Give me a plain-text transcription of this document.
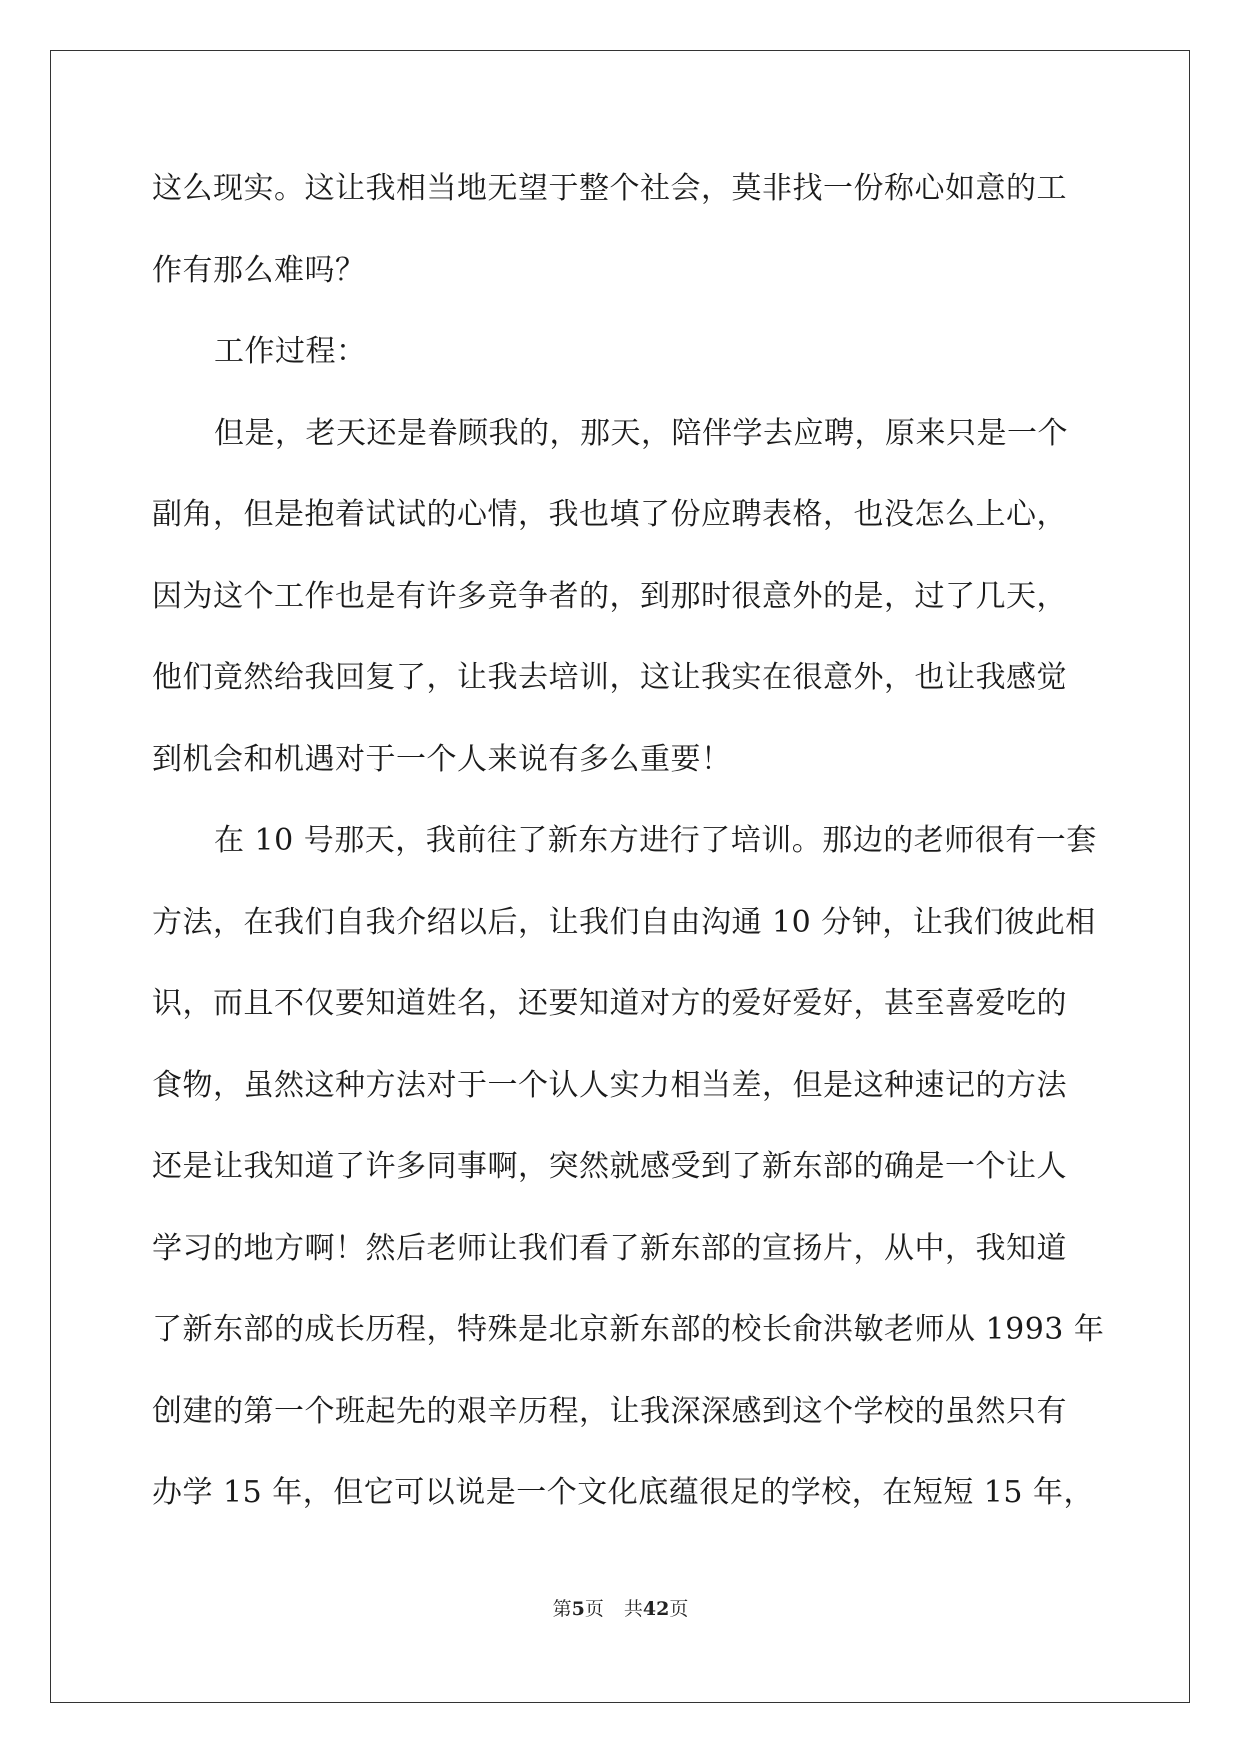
这么现实。这让我相当地无望于整个社会，莫非找一份称心如意的工
作有那么难吗？
工作过程：
但是，老天还是眷顾我的，那天，陪伴学去应聘，原来只是一个
副角，但是抱着试试的心情，我也填了份应聘表格，也没怎么上心，
因为这个工作也是有许多竞争者的，到那时很意外的是，过了几天，
他们竟然给我回复了，让我去培训，这让我实在很意外，也让我感觉
到机会和机遇对于一个人来说有多么重要！
在 10 号那天，我前往了新东方进行了培训。那边的老师很有一套
方法，在我们自我介绍以后，让我们自由沟通 10 分钟，让我们彼此相
识，而且不仅要知道姓名，还要知道对方的爱好爱好，甚至喜爱吃的
食物，虽然这种方法对于一个认人实力相当差，但是这种速记的方法
还是让我知道了许多同事啊，突然就感受到了新东部的确是一个让人
学习的地方啊！然后老师让我们看了新东部的宣扬片，从中，我知道
了新东部的成长历程，特殊是北京新东部的校长俞洪敏老师从 1993 年
创建的第一个班起先的艰辛历程，让我深深感到这个学校的虽然只有
办学 15 年，但它可以说是一个文化底蕴很足的学校，在短短 15 年，
第5页 共42页
